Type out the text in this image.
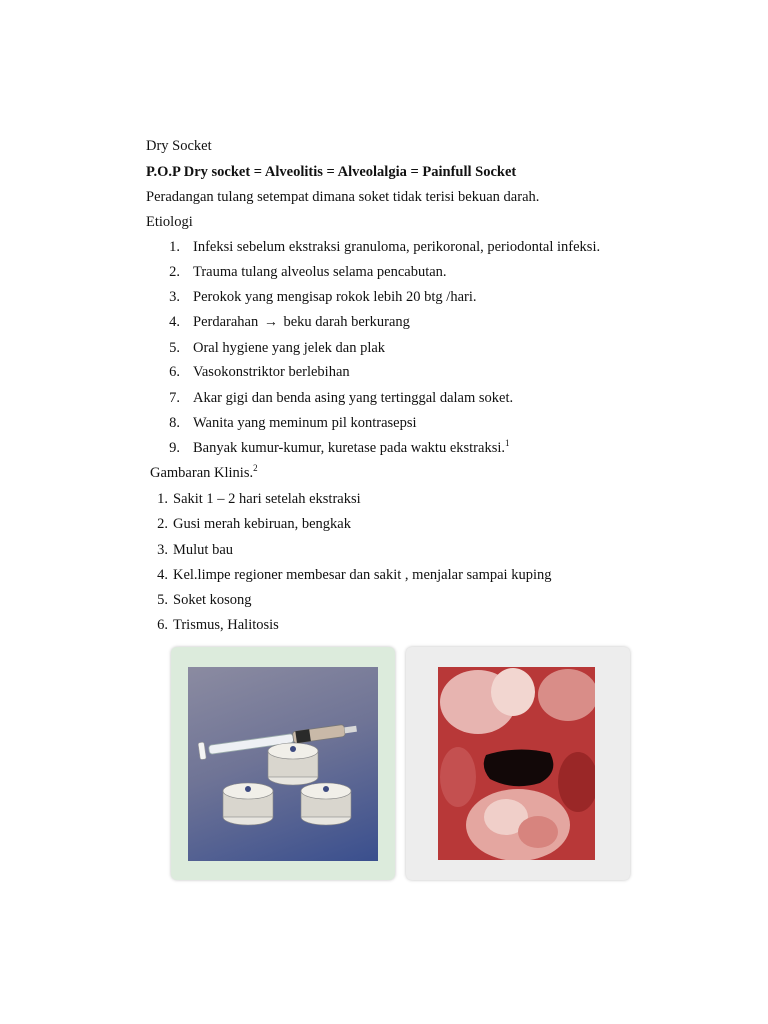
Dry Socket
P.O.P Dry socket = Alveolitis = Alveolalgia = Painfull Socket
Peradangan tulang setempat dimana soket tidak terisi bekuan darah.
Etiologi
1. Infeksi sebelum ekstraksi granuloma, perikoronal, periodontal infeksi.
2. Trauma tulang alveolus selama pencabutan.
3. Perokok yang mengisap rokok lebih 20 btg /hari.
4. Perdarahan → beku darah berkurang
5. Oral hygiene yang jelek dan plak
6. Vasokonstriktor berlebihan
7. Akar gigi dan benda asing yang tertinggal dalam soket.
8. Wanita yang meminum pil kontrasepsi
9. Banyak kumur-kumur, kuretase pada waktu ekstraksi.$^1$
Gambaran Klinis.$^2$
1. Sakit 1 – 2 hari setelah ekstraksi
2. Gusi merah kebiruan, bengkak
3. Mulut bau
4. Kel.limpe regioner membesar dan sakit , menjalar sampai kuping
5. Soket kosong
6. Trismus, Halitosis
